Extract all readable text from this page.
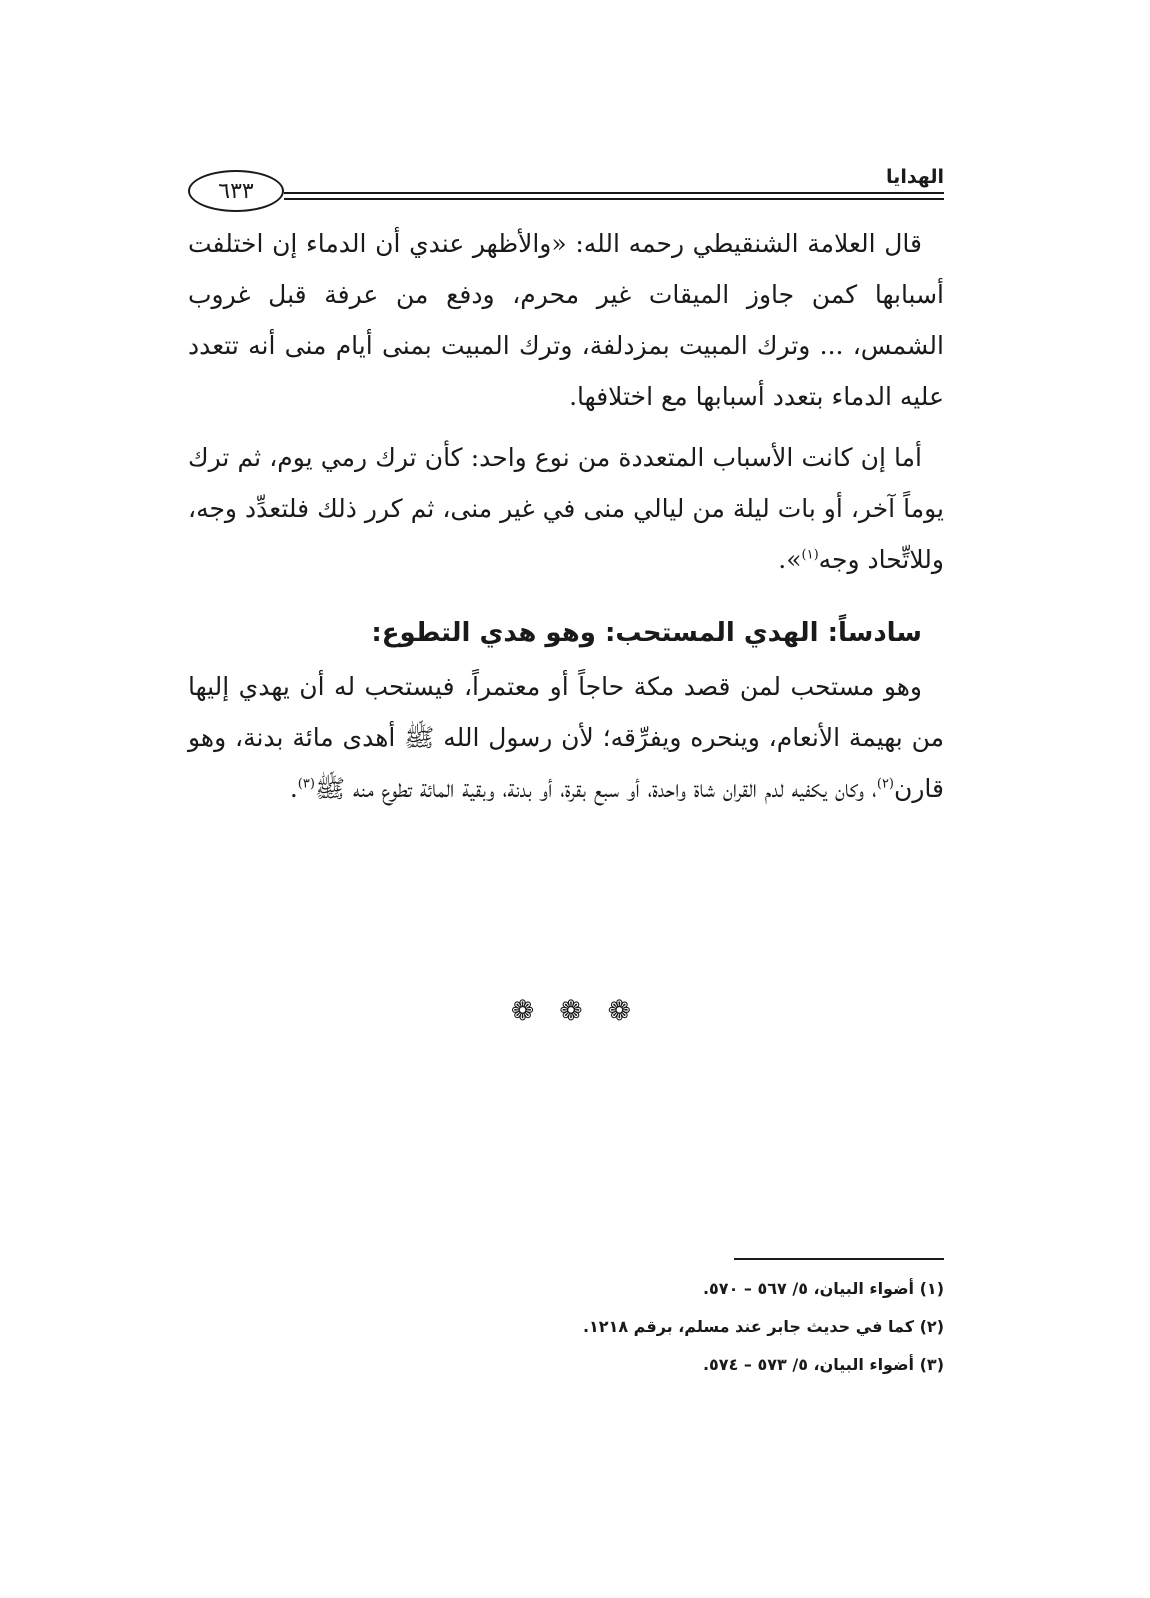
الهدايا
٦٣٣

قال العلامة الشنقيطي رحمه الله: «والأظهر عندي أن الدماء إن اختلفت أسبابها كمن جاوز الميقات غير محرم، ودفع من عرفة قبل غروب الشمس، ... وترك المبيت بمزدلفة، وترك المبيت بمنى أيام منى أنه تتعدد عليه الدماء بتعدد أسبابها مع اختلافها.

أما إن كانت الأسباب المتعددة من نوع واحد: كأن ترك رمي يوم، ثم ترك يوماً آخر، أو بات ليلة من ليالي منى في غير منى، ثم كرر ذلك فلتعدِّد وجه، وللاتِّحاد وجه$^{(١)}$».

سادساً: الهدي المستحب: وهو هدي التطوع:

وهو مستحب لمن قصد مكة حاجاً أو معتمراً، فيستحب له أن يهدي إليها من بهيمة الأنعام، وينحره ويفرِّقه؛ لأن رسول الله ﷺ أهدى مائة بدنة، وهو قارن$^{(٢)}$، وكان يكفيه لدم القران شاة واحدة، أو سبع بقرة، أو بدنة، وبقية المائة تطوع منه ﷺ$^{(٣)}$.

❁ ❁ ❁

(١) أضواء البيان، ٥/ ٥٦٧ – ٥٧٠.

(٢) كما في حديث جابر عند مسلم، برقم ١٢١٨.

(٣) أضواء البيان، ٥/ ٥٧٣ – ٥٧٤.
